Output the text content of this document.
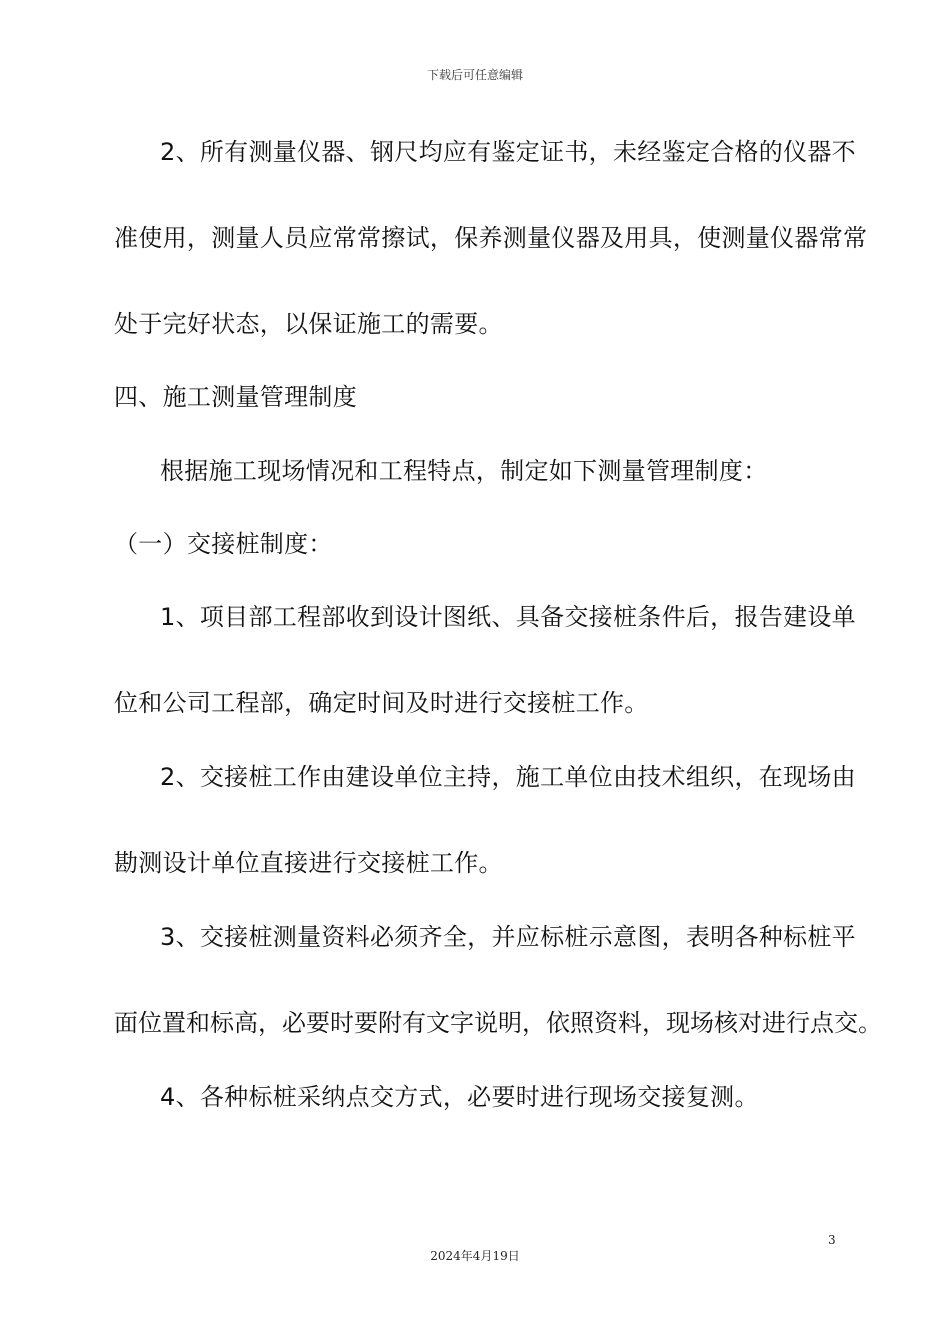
下载后可任意编辑
2、所有测量仪器、钢尺均应有鉴定证书，未经鉴定合格的仪器不
准使用，测量人员应常常擦试，保养测量仪器及用具，使测量仪器常常
处于完好状态，以保证施工的需要。
四、施工测量管理制度
根据施工现场情况和工程特点，制定如下测量管理制度：
（一）交接桩制度：
1、项目部工程部收到设计图纸、具备交接桩条件后，报告建设单
位和公司工程部，确定时间及时进行交接桩工作。
2、交接桩工作由建设单位主持，施工单位由技术组织，在现场由
勘测设计单位直接进行交接桩工作。
3、交接桩测量资料必须齐全，并应标桩示意图，表明各种标桩平
面位置和标高，必要时要附有文字说明，依照资料，现场核对进行点交。
4、各种标桩采纳点交方式，必要时进行现场交接复测。
3
2024年4月19日
